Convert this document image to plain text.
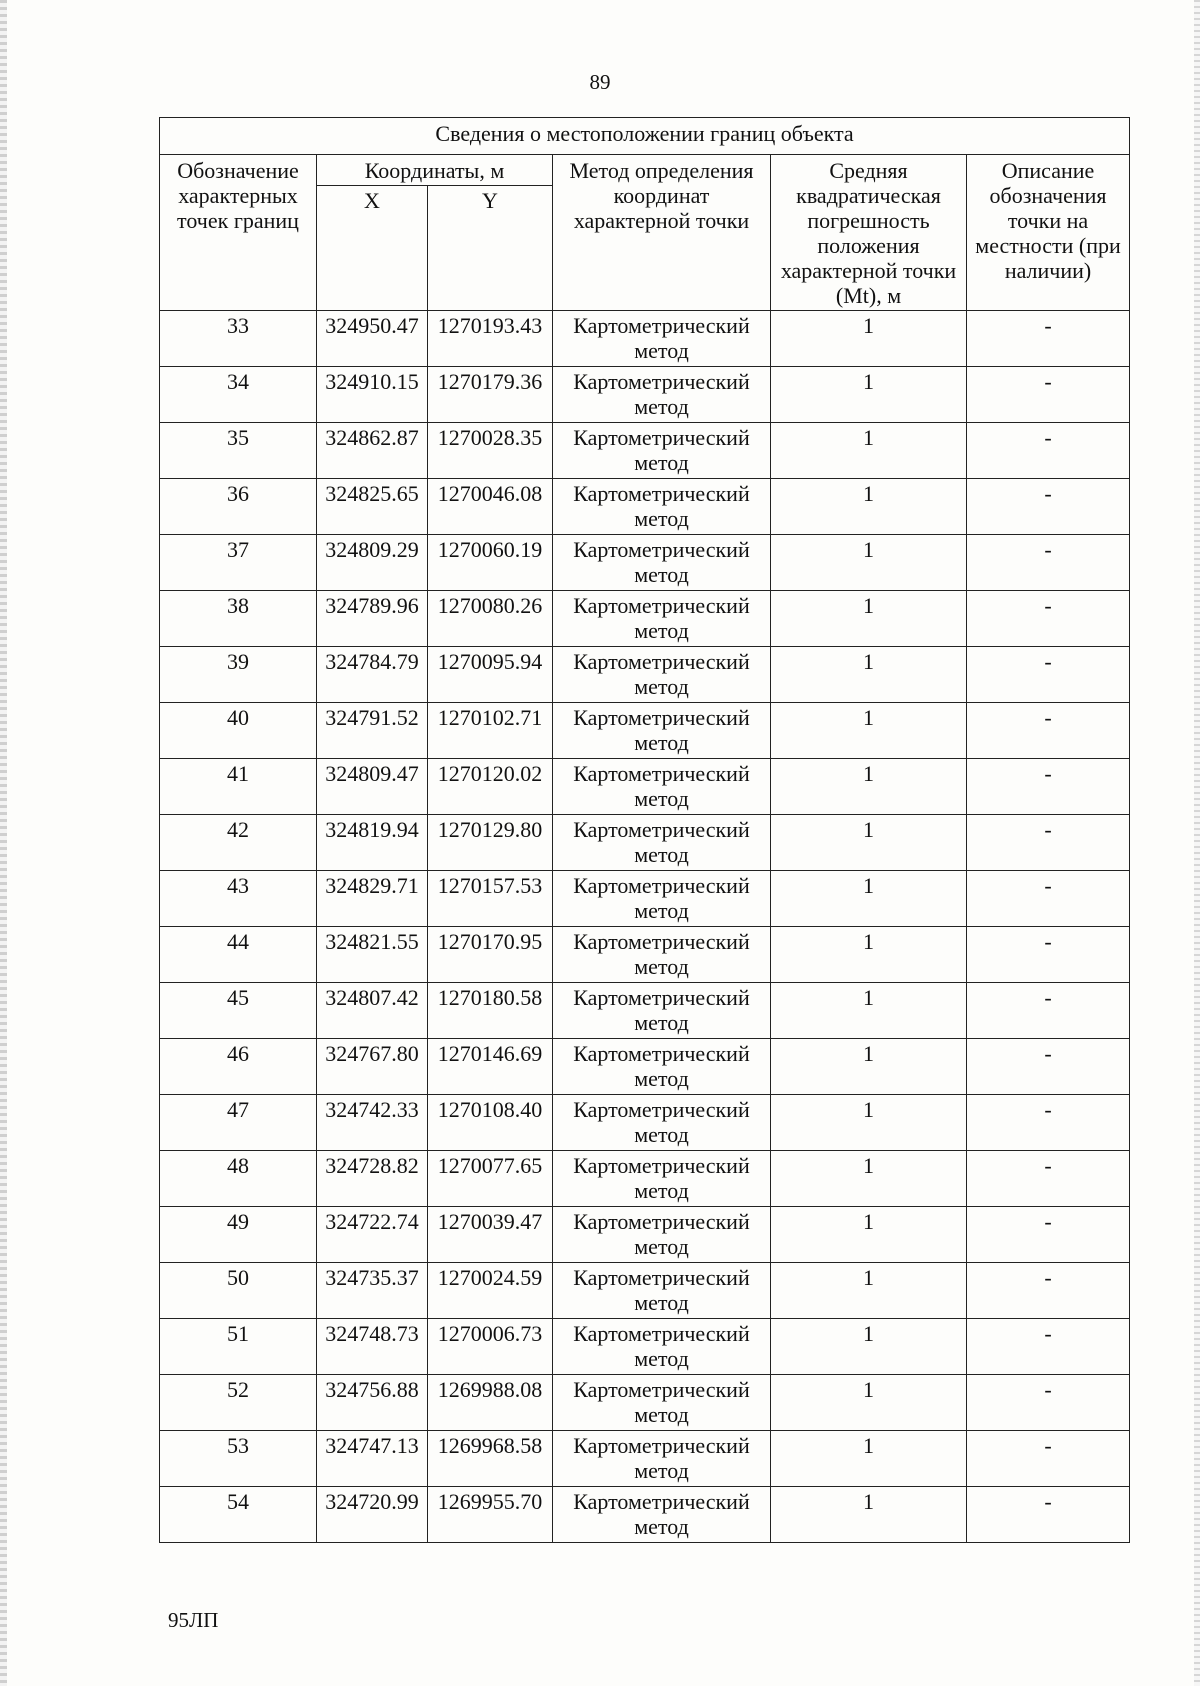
89
Сведения о местоположении границ объекта					
Обозначение характерных точек границ	Координаты, м		Метод определения координат характерной точки	Средняя квадратическая погрешность положения характерной точки (Mt), м	Описание обозначения точки на местности (при наличии)
	X	Y			
33	324950.47	1270193.43	Картометрический метод	1	-
34	324910.15	1270179.36	Картометрический метод	1	-
35	324862.87	1270028.35	Картометрический метод	1	-
36	324825.65	1270046.08	Картометрический метод	1	-
37	324809.29	1270060.19	Картометрический метод	1	-
38	324789.96	1270080.26	Картометрический метод	1	-
39	324784.79	1270095.94	Картометрический метод	1	-
40	324791.52	1270102.71	Картометрический метод	1	-
41	324809.47	1270120.02	Картометрический метод	1	-
42	324819.94	1270129.80	Картометрический метод	1	-
43	324829.71	1270157.53	Картометрический метод	1	-
44	324821.55	1270170.95	Картометрический метод	1	-
45	324807.42	1270180.58	Картометрический метод	1	-
46	324767.80	1270146.69	Картометрический метод	1	-
47	324742.33	1270108.40	Картометрический метод	1	-
48	324728.82	1270077.65	Картометрический метод	1	-
49	324722.74	1270039.47	Картометрический метод	1	-
50	324735.37	1270024.59	Картометрический метод	1	-
51	324748.73	1270006.73	Картометрический метод	1	-
52	324756.88	1269988.08	Картометрический метод	1	-
53	324747.13	1269968.58	Картометрический метод	1	-
54	324720.99	1269955.70	Картометрический метод	1	-
95ЛП
